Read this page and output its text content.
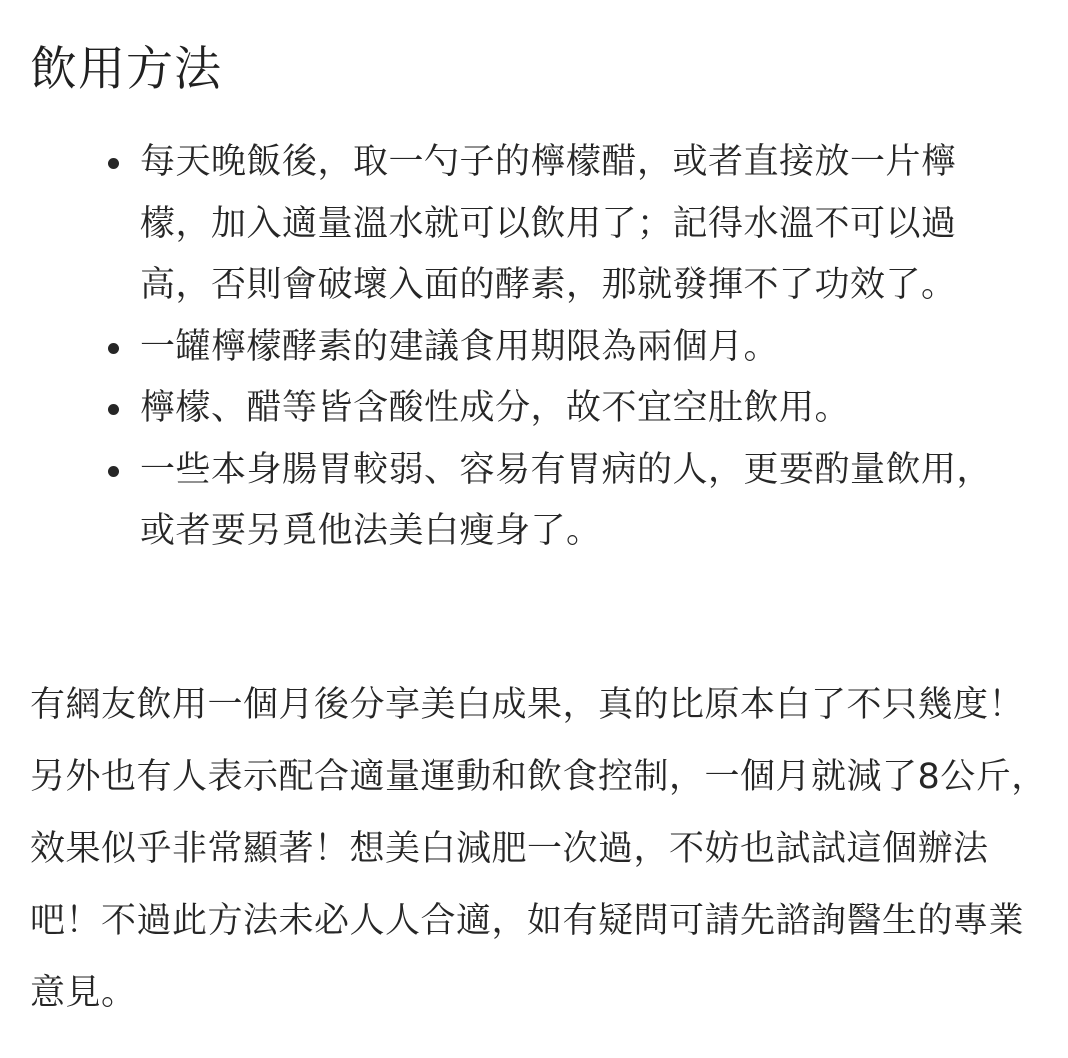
飲用方法
每天晚飯後，取一勺子的檸檬醋，或者直接放一片檸檬，加入適量溫水就可以飲用了；記得水溫不可以過高，否則會破壞入面的酵素，那就發揮不了功效了。
一罐檸檬酵素的建議食用期限為兩個月。
檸檬、醋等皆含酸性成分，故不宜空肚飲用。
一些本身腸胃較弱、容易有胃病的人，更要酌量飲用，或者要另覓他法美白瘦身了。

有網友飲用一個月後分享美白成果，真的比原本白了不只幾度！另外也有人表示配合適量運動和飲食控制，一個月就減了8公斤，效果似乎非常顯著！想美白減肥一次過，不妨也試試這個辦法吧！不過此方法未必人人合適，如有疑問可請先諮詢醫生的專業意見。
